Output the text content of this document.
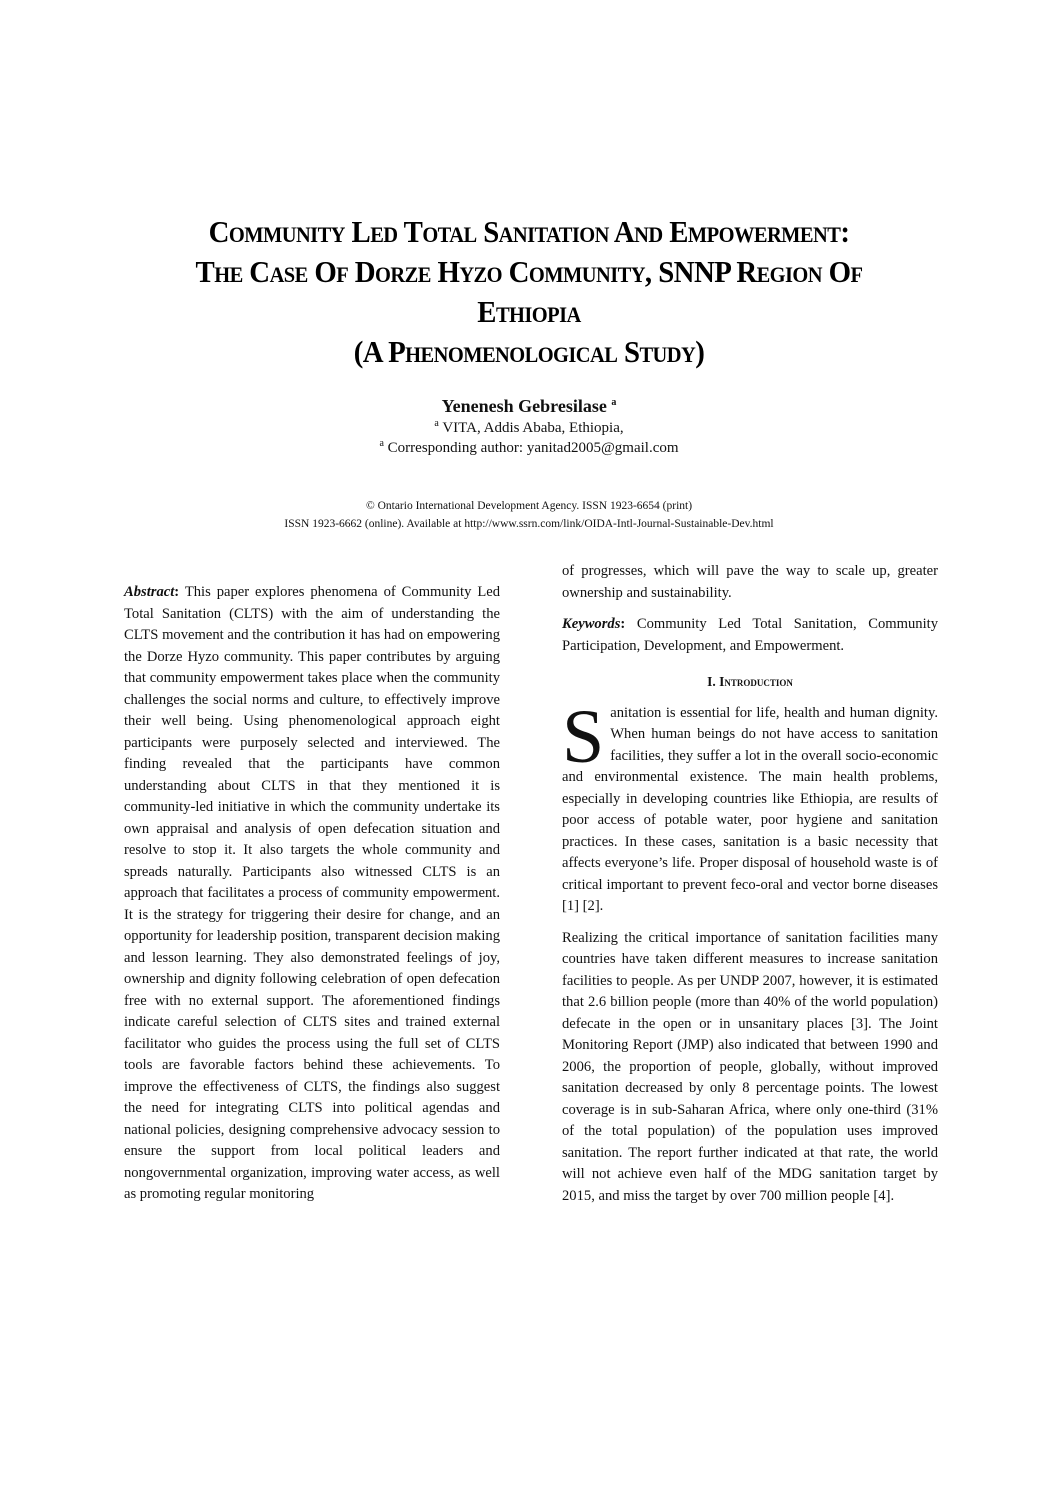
Community Led Total Sanitation And Empowerment:
The Case Of Dorze Hyzo Community, SNNP Region Of
Ethiopia
(A Phenomenological Study)
Yenenesh Gebresilase $^a$
$^a$ VITA, Addis Ababa, Ethiopia,
$^a$ Corresponding author: yanitad2005@gmail.com
© Ontario International Development Agency. ISSN 1923-6654 (print)
ISSN 1923-6662 (online). Available at http://www.ssrn.com/link/OIDA-Intl-Journal-Sustainable-Dev.html

Abstract: This paper explores phenomena of Community Led Total Sanitation (CLTS) with the aim of understanding the CLTS movement and the contribution it has had on empowering the Dorze Hyzo community. This paper contributes by arguing that community empowerment takes place when the community challenges the social norms and culture, to effectively improve their well being. Using phenomenological approach eight participants were purposely selected and interviewed. The finding revealed that the participants have common understanding about CLTS in that they mentioned it is community-led initiative in which the community undertake its own appraisal and analysis of open defecation situation and resolve to stop it. It also targets the whole community and spreads naturally. Participants also witnessed CLTS is an approach that facilitates a process of community empowerment. It is the strategy for triggering their desire for change, and an opportunity for leadership position, transparent decision making and lesson learning. They also demonstrated feelings of joy, ownership and dignity following celebration of open defecation free with no external support. The aforementioned findings indicate careful selection of CLTS sites and trained external facilitator who guides the process using the full set of CLTS tools are favorable factors behind these achievements. To improve the effectiveness of CLTS, the findings also suggest the need for integrating CLTS into political agendas and national policies, designing comprehensive advocacy session to ensure the support from local political leaders and nongovernmental organization, improving water access, as well as promoting regular monitoring

of progresses, which will pave the way to scale up, greater ownership and sustainability.

Keywords: Community Led Total Sanitation, Community Participation, Development, and Empowerment.

I. Introduction

Sanitation is essential for life, health and human dignity. When human beings do not have access to sanitation facilities, they suffer a lot in the overall socio-economic and environmental existence. The main health problems, especially in developing countries like Ethiopia, are results of poor access of potable water, poor hygiene and sanitation practices. In these cases, sanitation is a basic necessity that affects everyone’s life. Proper disposal of household waste is of critical important to prevent feco-oral and vector borne diseases [1] [2].

Realizing the critical importance of sanitation facilities many countries have taken different measures to increase sanitation facilities to people. As per UNDP 2007, however, it is estimated that 2.6 billion people (more than 40% of the world population) defecate in the open or in unsanitary places [3]. The Joint Monitoring Report (JMP) also indicated that between 1990 and 2006, the proportion of people, globally, without improved sanitation decreased by only 8 percentage points. The lowest coverage is in sub-Saharan Africa, where only one-third (31% of the total population) of the population uses improved sanitation. The report further indicated at that rate, the world will not achieve even half of the MDG sanitation target by 2015, and miss the target by over 700 million people [4].
